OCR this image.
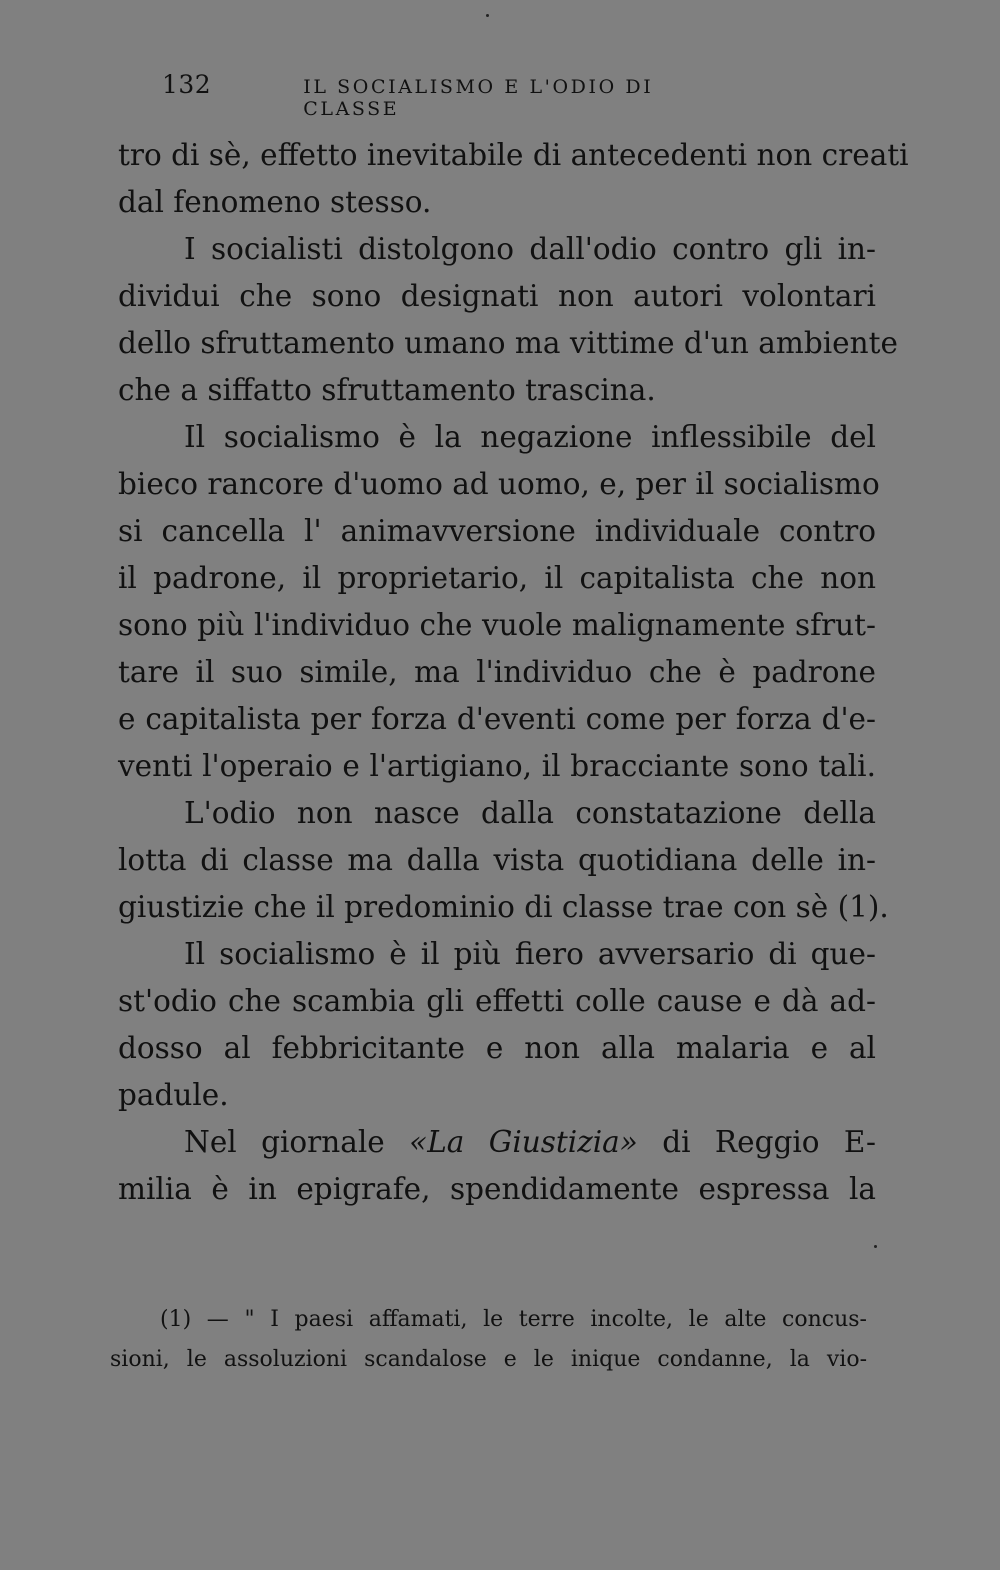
132	IL SOCIALISMO E L'ODIO DI CLASSE
tro di sè, effetto inevitabile di antecedenti non creati
dal fenomeno stesso.
I socialisti distolgono dall'odio contro gli in-
dividui che sono designati non autori volontari
dello sfruttamento umano ma vittime d'un ambiente
che a siffatto sfruttamento trascina.
Il socialismo è la negazione inflessibile del
bieco rancore d'uomo ad uomo, e, per il socialismo
si cancella l' animavversione individuale contro
il padrone, il proprietario, il capitalista che non
sono più l'individuo che vuole malignamente sfrut-
tare il suo simile, ma l'individuo che è padrone
e capitalista per forza d'eventi come per forza d'e-
venti l'operaio e l'artigiano, il bracciante sono tali.
L'odio non nasce dalla constatazione della
lotta di classe ma dalla vista quotidiana delle in-
giustizie che il predominio di classe trae con sè (1).
Il socialismo è il più fiero avversario di que-
st'odio che scambia gli effetti colle cause e dà ad-
dosso al febbricitante e non alla malaria e al
padule.
Nel giornale «La Giustizia» di Reggio E-
milia è in epigrafe, spendidamente espressa la
(1) — " I paesi affamati, le terre incolte, le alte concus-
sioni, le assoluzioni scandalose e le inique condanne, la vio-
